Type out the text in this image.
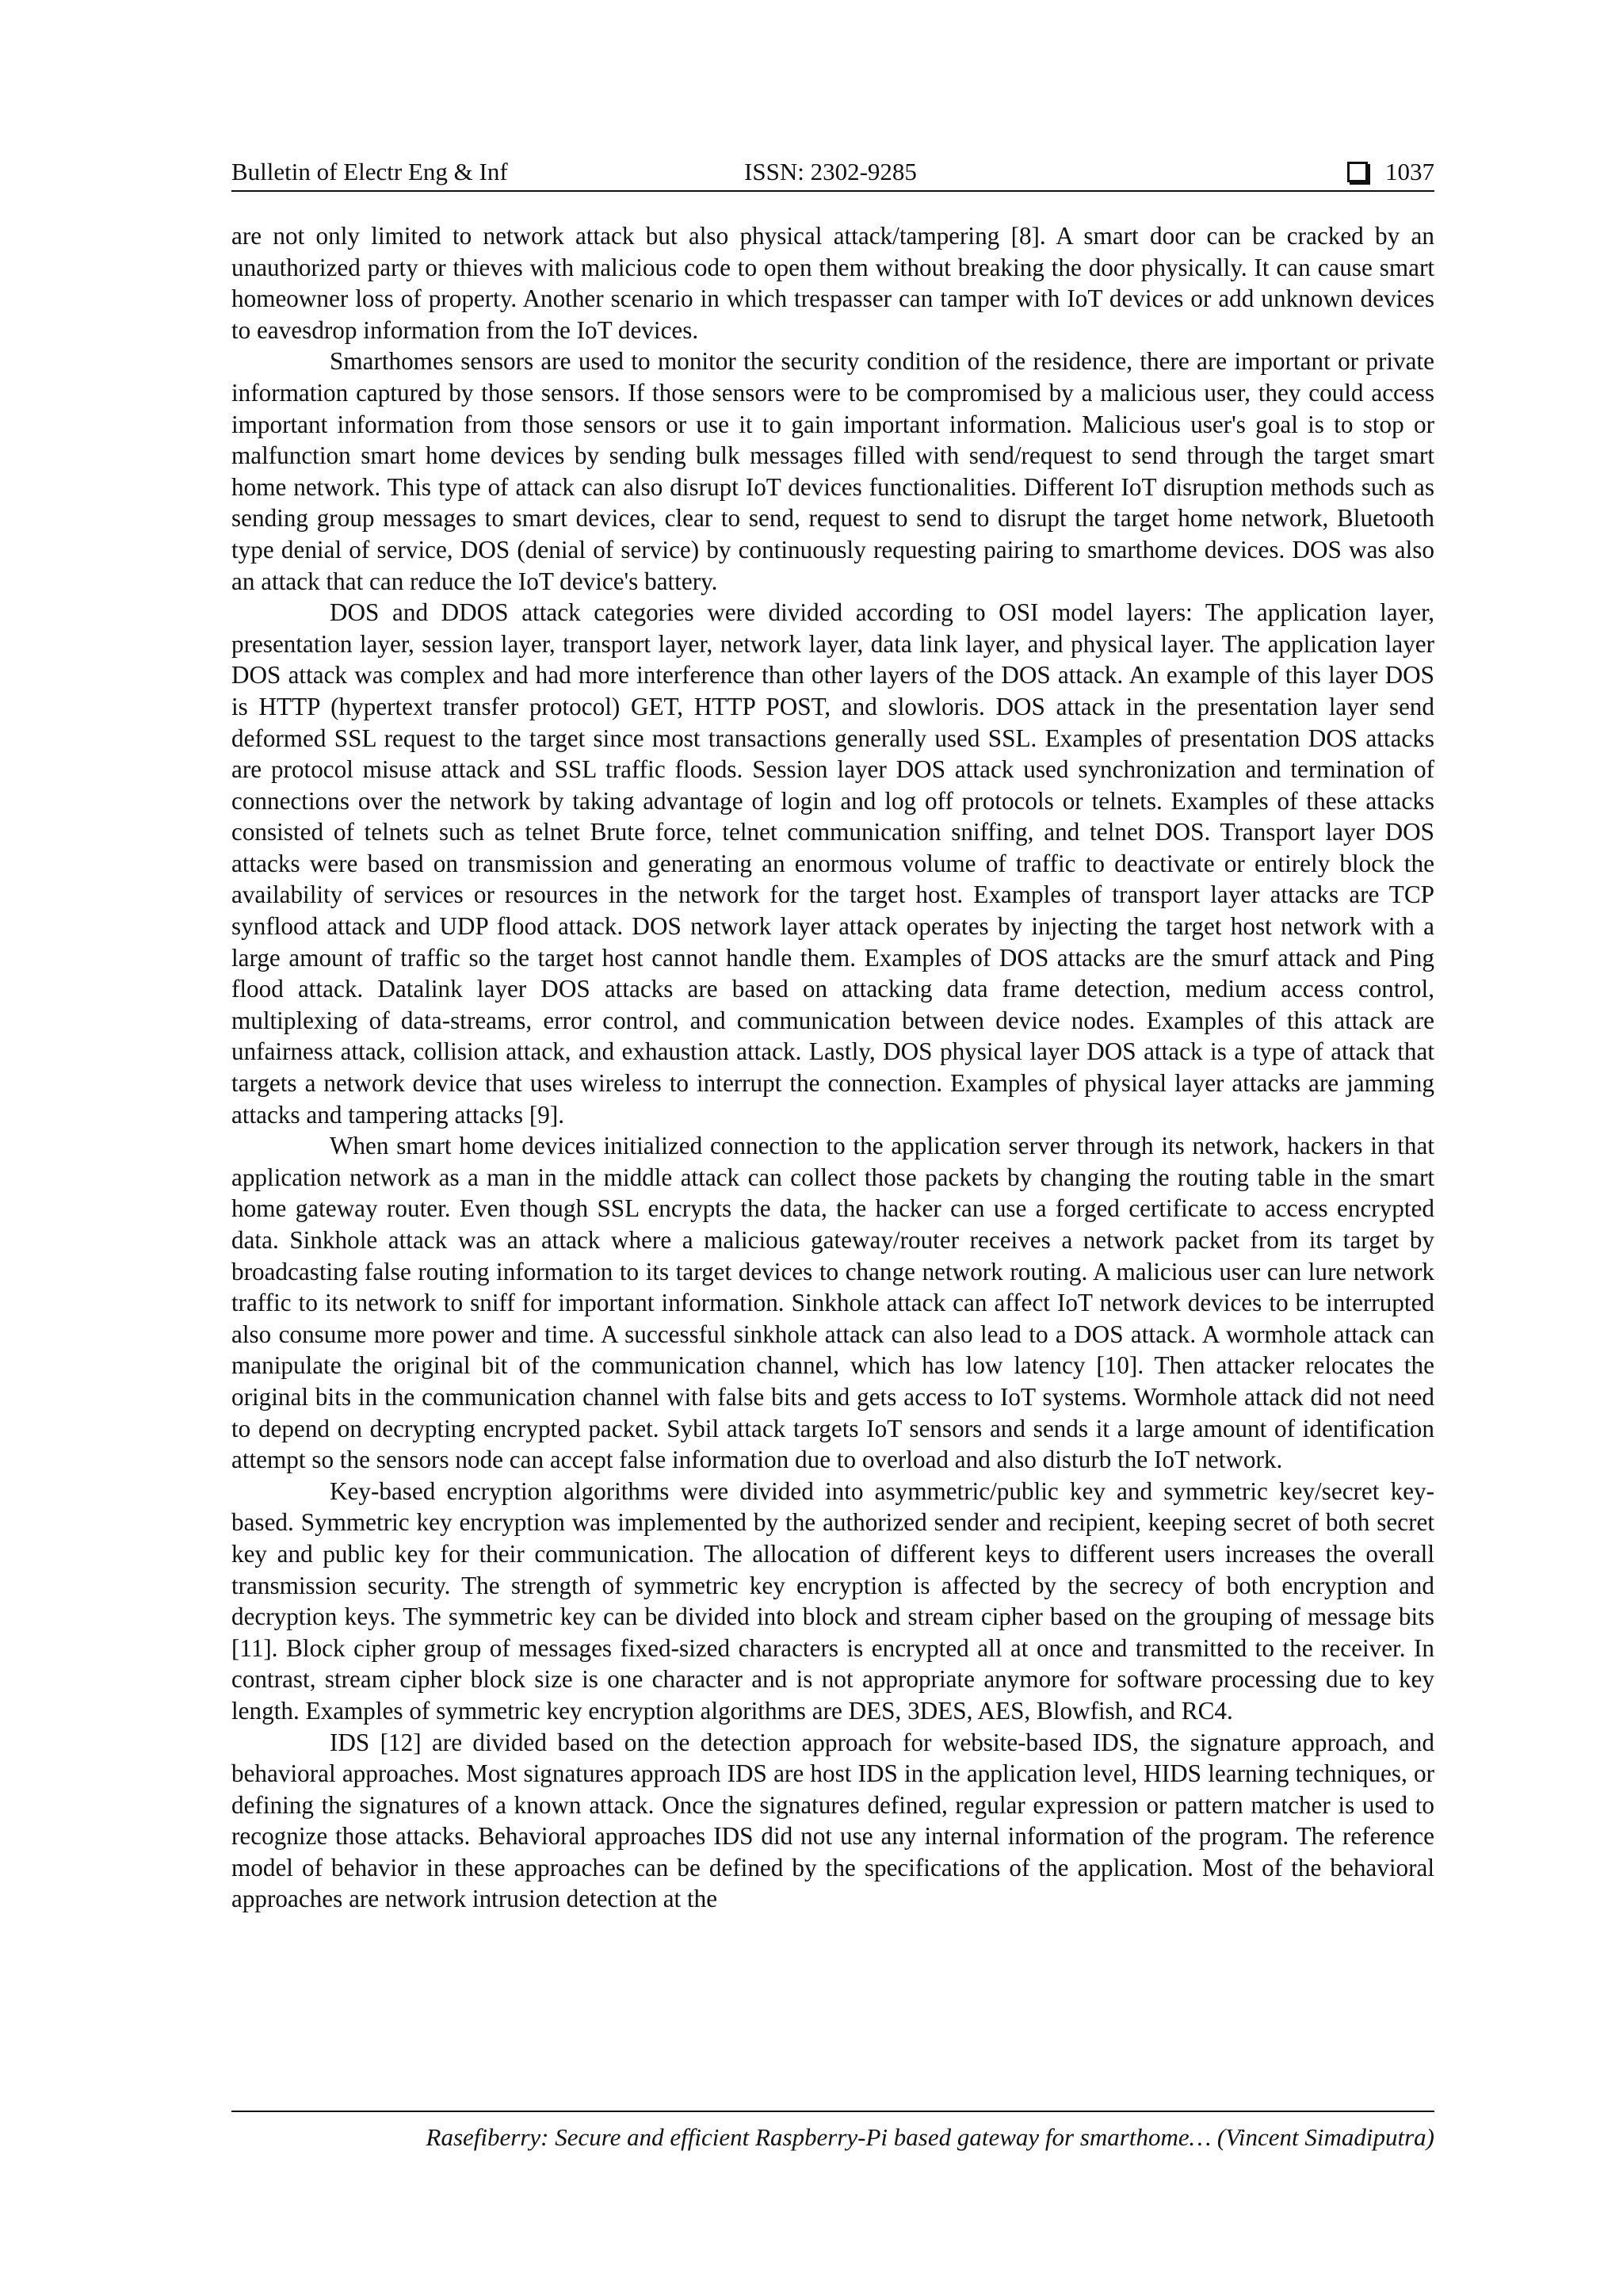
Bulletin of Electr Eng & Inf	ISSN: 2302-9285	1037

are not only limited to network attack but also physical attack/tampering [8]. A smart door can be cracked by an unauthorized party or thieves with malicious code to open them without breaking the door physically. It can cause smart homeowner loss of property. Another scenario in which trespasser can tamper with IoT devices or add unknown devices to eavesdrop information from the IoT devices.

Smarthomes sensors are used to monitor the security condition of the residence, there are important or private information captured by those sensors. If those sensors were to be compromised by a malicious user, they could access important information from those sensors or use it to gain important information. Malicious user's goal is to stop or malfunction smart home devices by sending bulk messages filled with send/request to send through the target smart home network. This type of attack can also disrupt IoT devices functionalities. Different IoT disruption methods such as sending group messages to smart devices, clear to send, request to send to disrupt the target home network, Bluetooth type denial of service, DOS (denial of service) by continuously requesting pairing to smarthome devices. DOS was also an attack that can reduce the IoT device's battery.

DOS and DDOS attack categories were divided according to OSI model layers: The application layer, presentation layer, session layer, transport layer, network layer, data link layer, and physical layer. The application layer DOS attack was complex and had more interference than other layers of the DOS attack. An example of this layer DOS is HTTP (hypertext transfer protocol) GET, HTTP POST, and slowloris. DOS attack in the presentation layer send deformed SSL request to the target since most transactions generally used SSL. Examples of presentation DOS attacks are protocol misuse attack and SSL traffic floods. Session layer DOS attack used synchronization and termination of connections over the network by taking advantage of login and log off protocols or telnets. Examples of these attacks consisted of telnets such as telnet Brute force, telnet communication sniffing, and telnet DOS. Transport layer DOS attacks were based on transmission and generating an enormous volume of traffic to deactivate or entirely block the availability of services or resources in the network for the target host. Examples of transport layer attacks are TCP synflood attack and UDP flood attack. DOS network layer attack operates by injecting the target host network with a large amount of traffic so the target host cannot handle them. Examples of DOS attacks are the smurf attack and Ping flood attack. Datalink layer DOS attacks are based on attacking data frame detection, medium access control, multiplexing of data-streams, error control, and communication between device nodes. Examples of this attack are unfairness attack, collision attack, and exhaustion attack. Lastly, DOS physical layer DOS attack is a type of attack that targets a network device that uses wireless to interrupt the connection. Examples of physical layer attacks are jamming attacks and tampering attacks [9].

When smart home devices initialized connection to the application server through its network, hackers in that application network as a man in the middle attack can collect those packets by changing the routing table in the smart home gateway router. Even though SSL encrypts the data, the hacker can use a forged certificate to access encrypted data. Sinkhole attack was an attack where a malicious gateway/router receives a network packet from its target by broadcasting false routing information to its target devices to change network routing. A malicious user can lure network traffic to its network to sniff for important information. Sinkhole attack can affect IoT network devices to be interrupted also consume more power and time. A successful sinkhole attack can also lead to a DOS attack. A wormhole attack can manipulate the original bit of the communication channel, which has low latency [10]. Then attacker relocates the original bits in the communication channel with false bits and gets access to IoT systems. Wormhole attack did not need to depend on decrypting encrypted packet. Sybil attack targets IoT sensors and sends it a large amount of identification attempt so the sensors node can accept false information due to overload and also disturb the IoT network.

Key-based encryption algorithms were divided into asymmetric/public key and symmetric key/secret key-based. Symmetric key encryption was implemented by the authorized sender and recipient, keeping secret of both secret key and public key for their communication. The allocation of different keys to different users increases the overall transmission security. The strength of symmetric key encryption is affected by the secrecy of both encryption and decryption keys. The symmetric key can be divided into block and stream cipher based on the grouping of message bits [11]. Block cipher group of messages fixed-sized characters is encrypted all at once and transmitted to the receiver. In contrast, stream cipher block size is one character and is not appropriate anymore for software processing due to key length. Examples of symmetric key encryption algorithms are DES, 3DES, AES, Blowfish, and RC4.

IDS [12] are divided based on the detection approach for website-based IDS, the signature approach, and behavioral approaches. Most signatures approach IDS are host IDS in the application level, HIDS learning techniques, or defining the signatures of a known attack. Once the signatures defined, regular expression or pattern matcher is used to recognize those attacks. Behavioral approaches IDS did not use any internal information of the program. The reference model of behavior in these approaches can be defined by the specifications of the application. Most of the behavioral approaches are network intrusion detection at the

Rasefiberry: Secure and efficient Raspberry-Pi based gateway for smarthome… (Vincent Simadiputra)
